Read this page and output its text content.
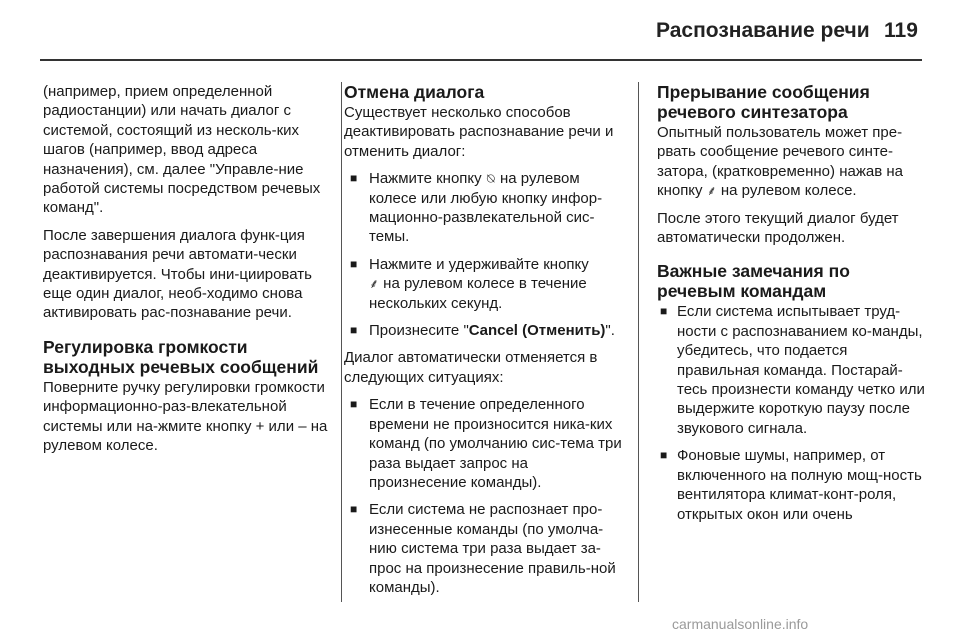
Распознавание речи 119

(например, прием определенной радиостанции) или начать диалог с системой, состоящий из несколь-ких шагов (например, ввод адреса назначения), см. далее "Управле-ние работой системы посредством речевых команд".

После завершения диалога функ-ция распознавания речи автомати-чески деактивируется. Чтобы ини-циировать еще один диалог, необ-ходимо снова активировать рас-познавание речи.

Регулировка громкости выходных речевых сообщений

Поверните ручку регулировки громкости информационно-раз-влекательной системы или на-жмите кнопку + или – на рулевом колесе.

Отмена диалога

Существует несколько способов деактивировать распознавание речи и отменить диалог:

■ Нажмите кнопку ⍉ на рулевом колесе или любую кнопку инфор-мационно-развлекательной сис-темы.
■ Нажмите и удерживайте кнопку
⸙ на рулевом колесе в течение нескольких секунд.
■ Произнесите "Cancel (Отменить)".

Диалог автоматически отменяется в следующих ситуациях:

■ Если в течение определенного времени не произносится ника-ких команд (по умолчанию сис-тема три раза выдает запрос на произнесение команды).
■ Если система не распознает про-изнесенные команды (по умолча-нию система три раза выдает за-прос на произнесение правиль-ной команды).
Прерывание сообщения речевого синтезатора

Опытный пользователь может пре-рвать сообщение речевого синте-затора, (кратковременно) нажав на кнопку ⸙ на рулевом колесе.

После этого текущий диалог будет автоматически продолжен.

Важные замечания по речевым командам
■ Если система испытывает труд-ности с распознаванием ко-манды, убедитесь, что подается правильная команда. Постарай-тесь произнести команду четко или выдержите короткую паузу после звукового сигнала.
■ Фоновые шумы, например, от включенного на полную мощ-ность вентилятора климат-конт-роля, открытых окон или очень
carmanualsonline.info
